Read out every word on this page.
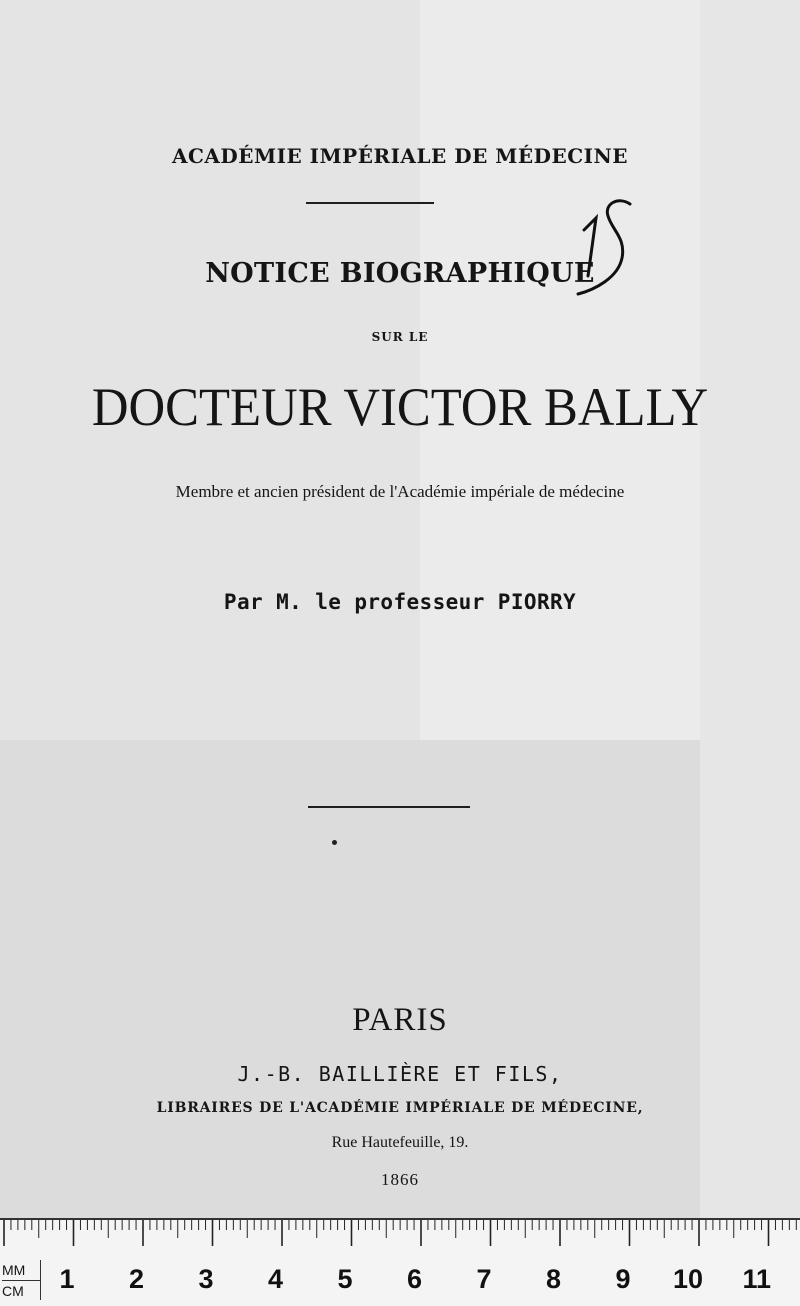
ACADÉMIE IMPÉRIALE DE MÉDECINE
NOTICE BIOGRAPHIQUE
SUR LE
DOCTEUR VICTOR BALLY
Membre et ancien président de l'Académie impériale de médecine
Par M. le professeur PIORRY
PARIS
J.-B. BAILLIÈRE ET FILS,
LIBRAIRES DE L'ACADÉMIE IMPÉRIALE DE MÉDECINE,
Rue Hautefeuille, 19.
1866
MM
CM	1 2 3 4 5 6 7 8 9 10 11
